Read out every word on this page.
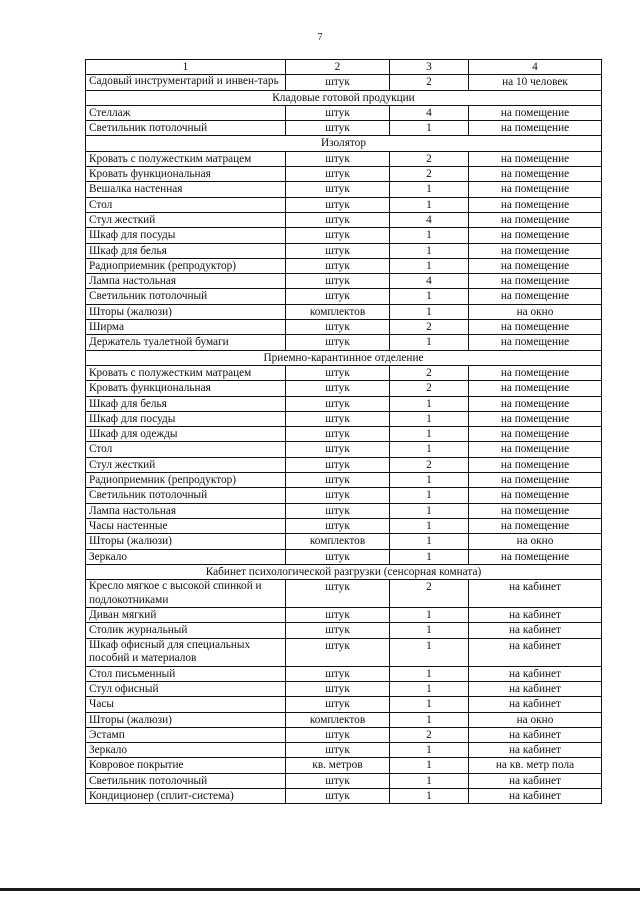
7
1	2	3	4
Садовый инструментарий и инвен-тарь	штук	2	на 10 человек
Кладовые готовой продукции			
Стеллаж	штук	4	на помещение
Светильник потолочный	штук	1	на помещение
Изолятор			
Кровать с полужестким матрацем	штук	2	на помещение
Кровать функциональная	штук	2	на помещение
Вешалка настенная	штук	1	на помещение
Стол	штук	1	на помещение
Стул жесткий	штук	4	на помещение
Шкаф для посуды	штук	1	на помещение
Шкаф для белья	штук	1	на помещение
Радиоприемник (репродуктор)	штук	1	на помещение
Лампа настольная	штук	4	на помещение
Светильник потолочный	штук	1	на помещение
Шторы (жалюзи)	комплектов	1	на окно
Ширма	штук	2	на помещение
Держатель туалетной бумаги	штук	1	на помещение
Приемно-карантинное отделение			
Кровать с полужестким матрацем	штук	2	на помещение
Кровать функциональная	штук	2	на помещение
Шкаф для белья	штук	1	на помещение
Шкаф для посуды	штук	1	на помещение
Шкаф для одежды	штук	1	на помещение
Стол	штук	1	на помещение
Стул жесткий	штук	2	на помещение
Радиоприемник (репродуктор)	штук	1	на помещение
Светильник потолочный	штук	1	на помещение
Лампа настольная	штук	1	на помещение
Часы настенные	штук	1	на помещение
Шторы (жалюзи)	комплектов	1	на окно
Зеркало	штук	1	на помещение
Кабинет психологической разгрузки (сенсорная комната)			
Кресло мягкое с высокой спинкой и подлокотниками	штук	2	на кабинет
Диван мягкий	штук	1	на кабинет
Столик журнальный	штук	1	на кабинет
Шкаф офисный для специальных пособий и материалов	штук	1	на кабинет
Стол письменный	штук	1	на кабинет
Стул офисный	штук	1	на кабинет
Часы	штук	1	на кабинет
Шторы (жалюзи)	комплектов	1	на окно
Эстамп	штук	2	на кабинет
Зеркало	штук	1	на кабинет
Ковровое покрытие	кв. метров	1	на кв. метр пола
Светильник потолочный	штук	1	на кабинет
Кондиционер (сплит-система)	штук	1	на кабинет
